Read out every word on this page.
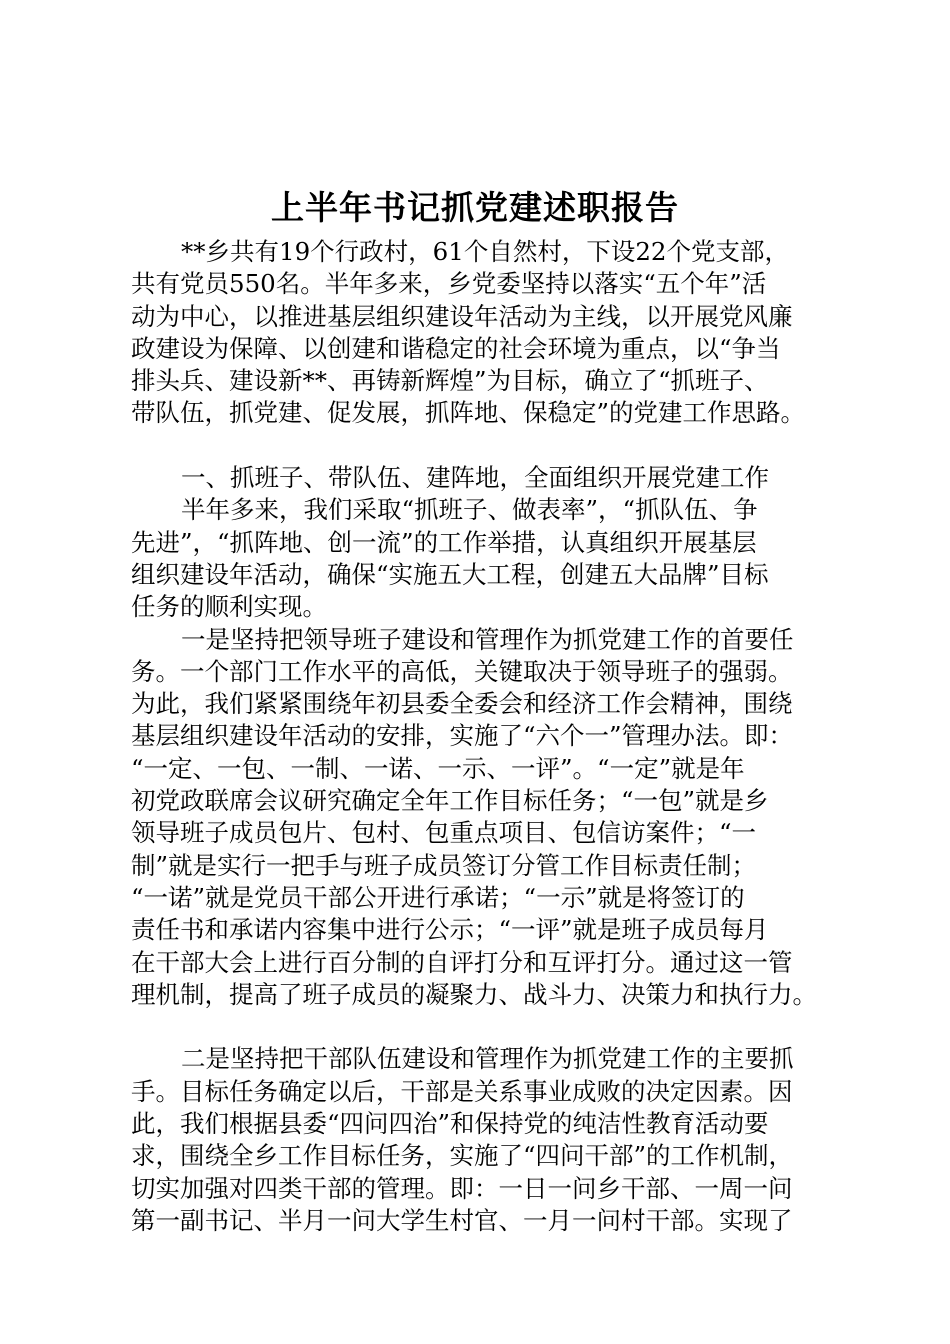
上半年书记抓党建述职报告
**乡共有19个行政村，61个自然村，下设22个党支部，
共有党员550名。半年多来，乡党委坚持以落实“五个年”活
动为中心，以推进基层组织建设年活动为主线，以开展党风廉
政建设为保障、以创建和谐稳定的社会环境为重点，以“争当
排头兵、建设新**、再铸新辉煌”为目标，确立了“抓班子、
带队伍，抓党建、促发展，抓阵地、保稳定”的党建工作思路。
一、抓班子、带队伍、建阵地，全面组织开展党建工作
半年多来，我们采取“抓班子、做表率”，“抓队伍、争
先进”，“抓阵地、创一流”的工作举措，认真组织开展基层
组织建设年活动，确保“实施五大工程，创建五大品牌”目标
任务的顺利实现。
一是坚持把领导班子建设和管理作为抓党建工作的首要任
务。一个部门工作水平的高低，关键取决于领导班子的强弱。
为此，我们紧紧围绕年初县委全委会和经济工作会精神，围绕
基层组织建设年活动的安排，实施了“六个一”管理办法。即：
“一定、一包、一制、一诺、一示、一评”。“一定”就是年
初党政联席会议研究确定全年工作目标任务；“一包”就是乡
领导班子成员包片、包村、包重点项目、包信访案件；“一
制”就是实行一把手与班子成员签订分管工作目标责任制；
“一诺”就是党员干部公开进行承诺；“一示”就是将签订的
责任书和承诺内容集中进行公示；“一评”就是班子成员每月
在干部大会上进行百分制的自评打分和互评打分。通过这一管
理机制，提高了班子成员的凝聚力、战斗力、决策力和执行力。
二是坚持把干部队伍建设和管理作为抓党建工作的主要抓
手。目标任务确定以后，干部是关系事业成败的决定因素。因
此，我们根据县委“四问四治”和保持党的纯洁性教育活动要
求，围绕全乡工作目标任务，实施了“四问干部”的工作机制，
切实加强对四类干部的管理。即：一日一问乡干部、一周一问
第一副书记、半月一问大学生村官、一月一问村干部。实现了
